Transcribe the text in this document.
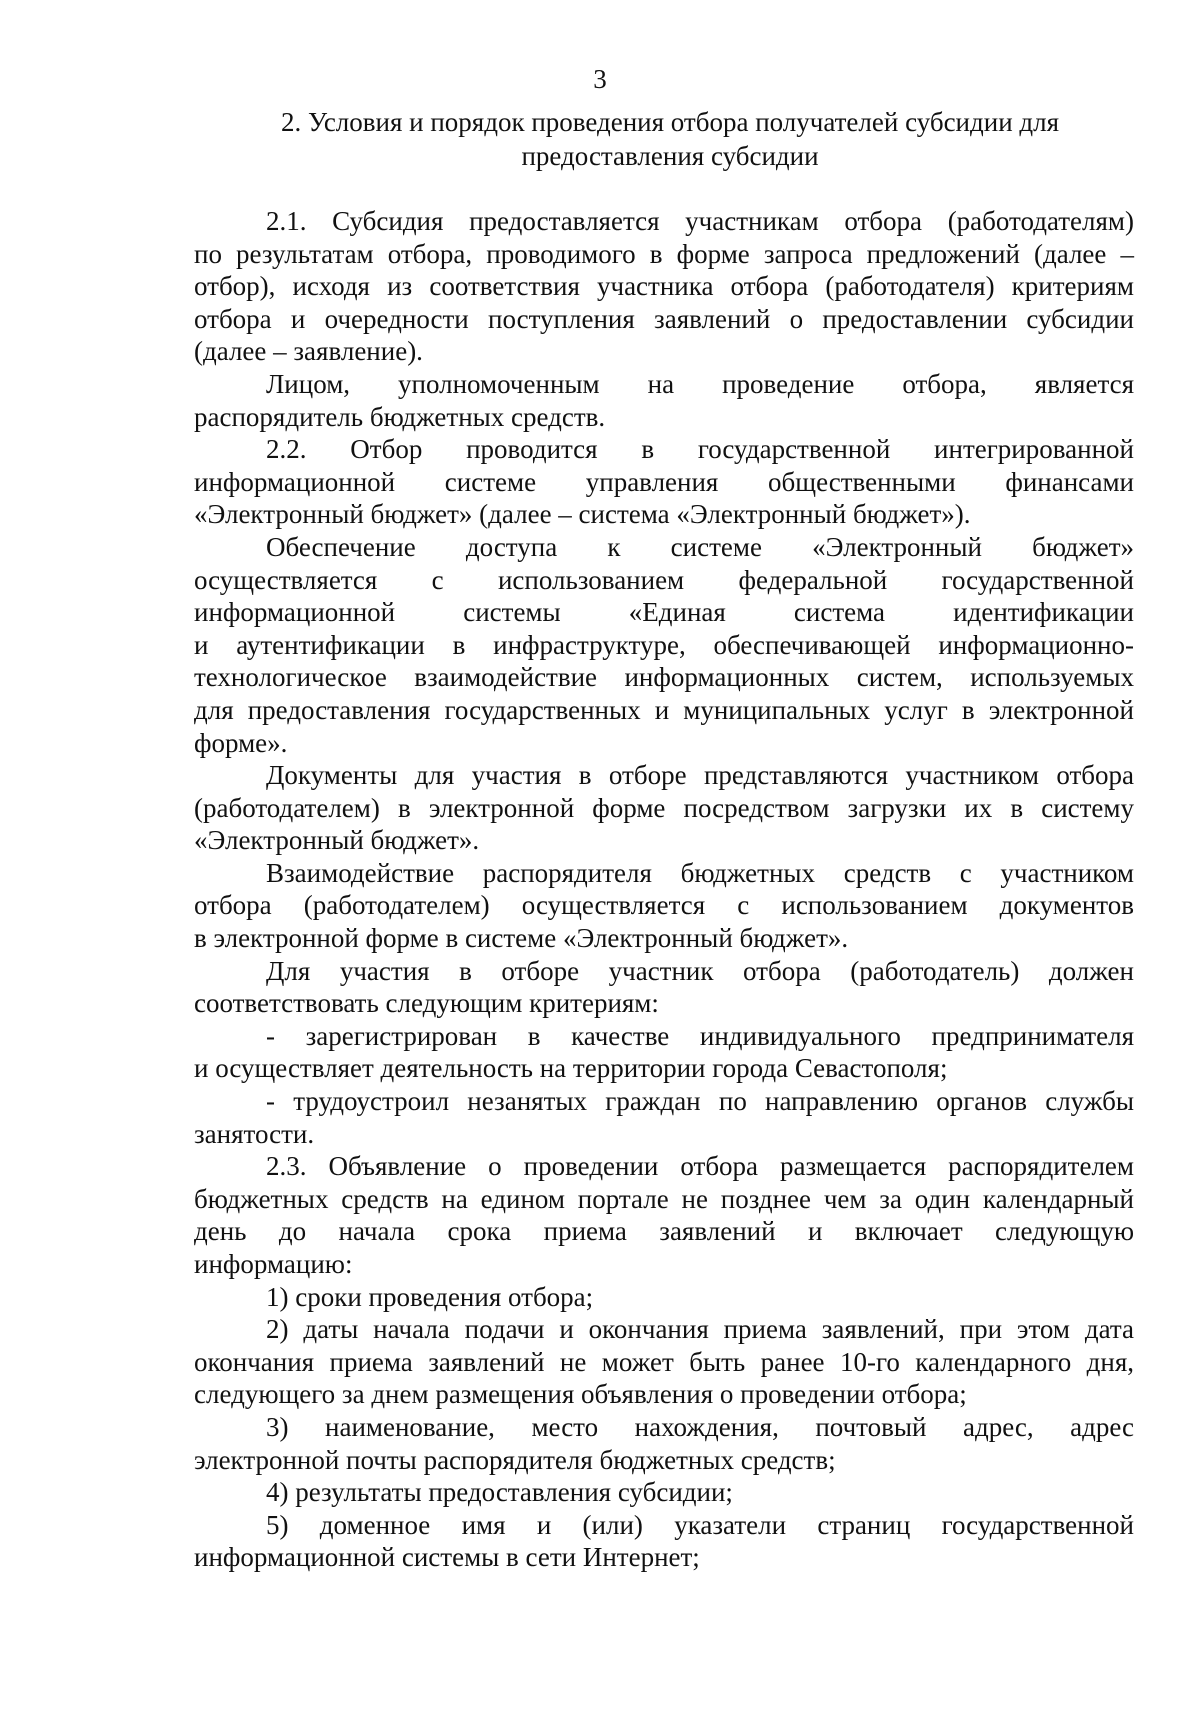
3
2. Условия и порядок проведения отбора получателей субсидии для
предоставления субсидии
2.1. Субсидия предоставляется участникам отбора (работодателям)
по результатам отбора, проводимого в форме запроса предложений (далее –
отбор), исходя из соответствия участника отбора (работодателя) критериям
отбора и очередности поступления заявлений о предоставлении субсидии
(далее – заявление).
Лицом, уполномоченным на проведение отбора, является
распорядитель бюджетных средств.
2.2. Отбор проводится в государственной интегрированной
информационной системе управления общественными финансами
«Электронный бюджет» (далее – система «Электронный бюджет»).
Обеспечение доступа к системе «Электронный бюджет»
осуществляется с использованием федеральной государственной
информационной системы «Единая система идентификации
и аутентификации в инфраструктуре, обеспечивающей информационно-
технологическое взаимодействие информационных систем, используемых
для предоставления государственных и муниципальных услуг в электронной
форме».
Документы для участия в отборе представляются участником отбора
(работодателем) в электронной форме посредством загрузки их в систему
«Электронный бюджет».
Взаимодействие распорядителя бюджетных средств с участником
отбора (работодателем) осуществляется с использованием документов
в электронной форме в системе «Электронный бюджет».
Для участия в отборе участник отбора (работодатель) должен
соответствовать следующим критериям:
- зарегистрирован в качестве индивидуального предпринимателя
и осуществляет деятельность на территории города Севастополя;
- трудоустроил незанятых граждан по направлению органов службы
занятости.
2.3. Объявление о проведении отбора размещается распорядителем
бюджетных средств на едином портале не позднее чем за один календарный
день до начала срока приема заявлений и включает следующую
информацию:
1) сроки проведения отбора;
2) даты начала подачи и окончания приема заявлений, при этом дата
окончания приема заявлений не может быть ранее 10-го календарного дня,
следующего за днем размещения объявления о проведении отбора;
3) наименование, место нахождения, почтовый адрес, адрес
электронной почты распорядителя бюджетных средств;
4) результаты предоставления субсидии;
5) доменное имя и (или) указатели страниц государственной
информационной системы в сети Интернет;
